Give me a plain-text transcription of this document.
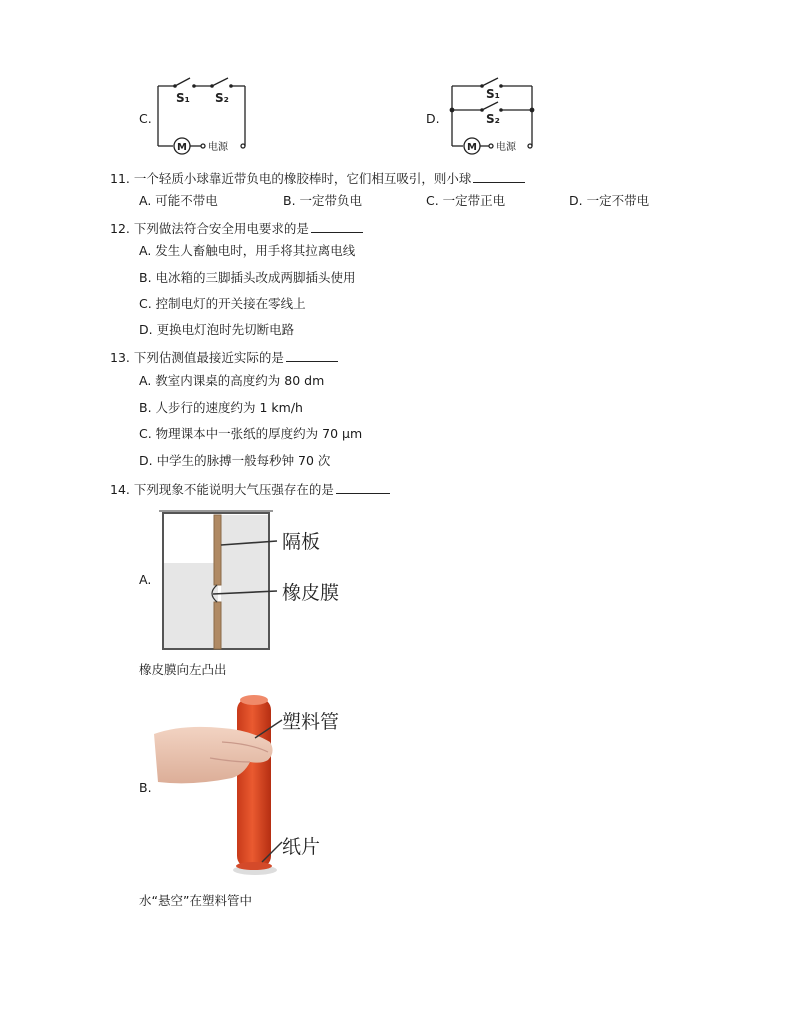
C.
S₁ S₂
M 电源
D.
S₁
S₂
M 电源
11. 一个轻质小球靠近带负电的橡胶棒时，它们相互吸引，则小球
A. 可能不带电	B. 一定带负电	C. 一定带正电	D. 一定不带电
12. 下列做法符合安全用电要求的是
A. 发生人畜触电时，用手将其拉离电线
B. 电冰箱的三脚插头改成两脚插头使用
C. 控制电灯的开关接在零线上
D. 更换电灯泡时先切断电路
13. 下列估测值最接近实际的是
A. 教室内课桌的高度约为 80 dm
B. 人步行的速度约为 1 km/h
C. 物理课本中一张纸的厚度约为 70 μm
D. 中学生的脉搏一般每秒钟 70 次
14. 下列现象不能说明大气压强存在的是
A.
隔板
橡皮膜
橡皮膜向左凸出
B.
塑料管
纸片
水“悬空”在塑料管中
